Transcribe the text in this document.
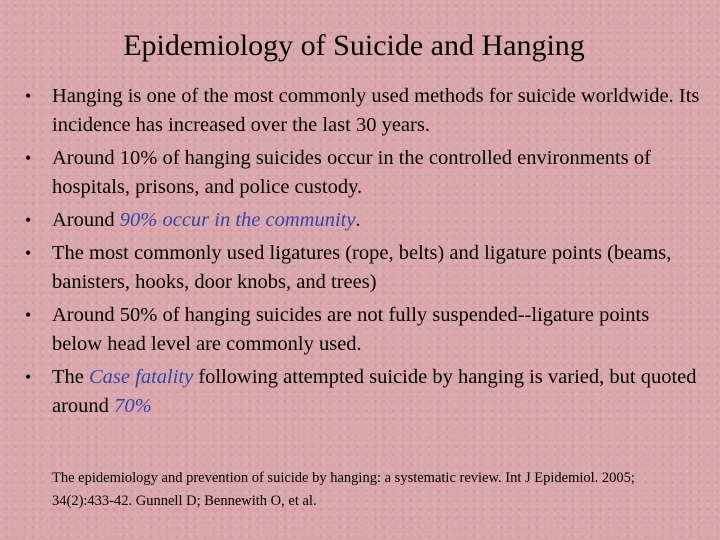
Epidemiology of Suicide and Hanging
• Hanging is one of the most commonly used methods for suicide worldwide. Its incidence has increased over the last 30 years.
• Around 10% of hanging suicides occur in the controlled environments of hospitals, prisons, and police custody.
• Around 90% occur in the community.
• The most commonly used ligatures (rope, belts) and ligature points (beams, banisters, hooks, door knobs, and trees)
• Around 50% of hanging suicides are not fully suspended--ligature points below head level are commonly used.
• The Case fatality following attempted suicide by hanging is varied, but quoted around 70%
The epidemiology and prevention of suicide by hanging: a systematic review. Int J Epidemiol. 2005; 34(2):433-42. Gunnell D; Bennewith O, et al.
